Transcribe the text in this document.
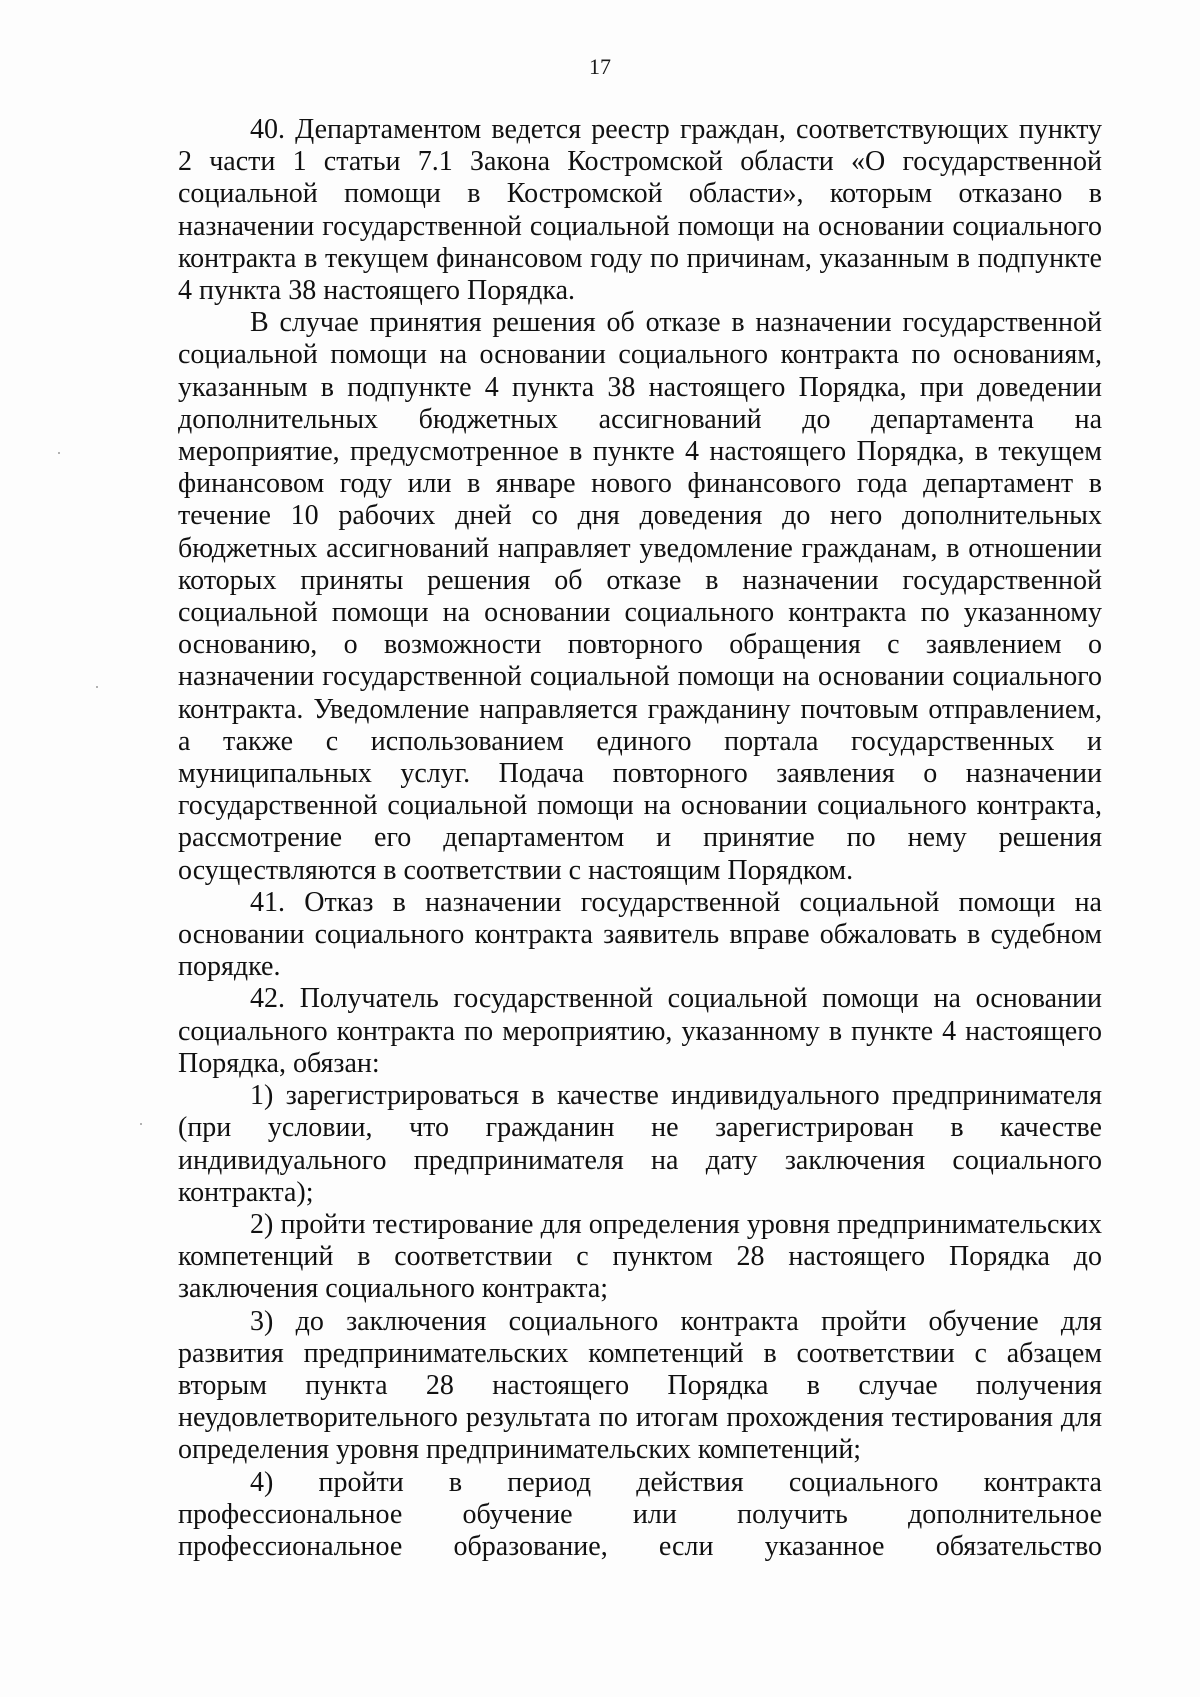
17

40. Департаментом ведется реестр граждан, соответствующих пункту 2 части 1 статьи 7.1 Закона Костромской области «О государственной социальной помощи в Костромской области», которым отказано в назначении государственной социальной помощи на основании социального контракта в текущем финансовом году по причинам, указанным в подпункте 4 пункта 38 настоящего Порядка.

В случае принятия решения об отказе в назначении государственной социальной помощи на основании социального контракта по основаниям, указанным в подпункте 4 пункта 38 настоящего Порядка, при доведении дополнительных бюджетных ассигнований до департамента на мероприятие, предусмотренное в пункте 4 настоящего Порядка, в текущем финансовом году или в январе нового финансового года департамент в течение 10 рабочих дней со дня доведения до него дополнительных бюджетных ассигнований направляет уведомление гражданам, в отношении которых приняты решения об отказе в назначении государственной социальной помощи на основании социального контракта по указанному основанию, о возможности повторного обращения с заявлением о назначении государственной социальной помощи на основании социального контракта. Уведомление направляется гражданину почтовым отправлением, а также с использованием единого портала государственных и муниципальных услуг. Подача повторного заявления о назначении государственной социальной помощи на основании социального контракта, рассмотрение его департаментом и принятие по нему решения осуществляются в соответствии с настоящим Порядком.

41. Отказ в назначении государственной социальной помощи на основании социального контракта заявитель вправе обжаловать в судебном порядке.

42. Получатель государственной социальной помощи на основании социального контракта по мероприятию, указанному в пункте 4 настоящего Порядка, обязан:

1) зарегистрироваться в качестве индивидуального предпринимателя (при условии, что гражданин не зарегистрирован в качестве индивидуального предпринимателя на дату заключения социального контракта);

2) пройти тестирование для определения уровня предпринимательских компетенций в соответствии с пунктом 28 настоящего Порядка до заключения социального контракта;

3) до заключения социального контракта пройти обучение для развития предпринимательских компетенций в соответствии с абзацем вторым пункта 28 настоящего Порядка в случае получения неудовлетворительного результата по итогам прохождения тестирования для определения уровня предпринимательских компетенций;

4) пройти в период действия социального контракта профессиональное обучение или получить дополнительное профессиональное образование, если указанное обязательство
